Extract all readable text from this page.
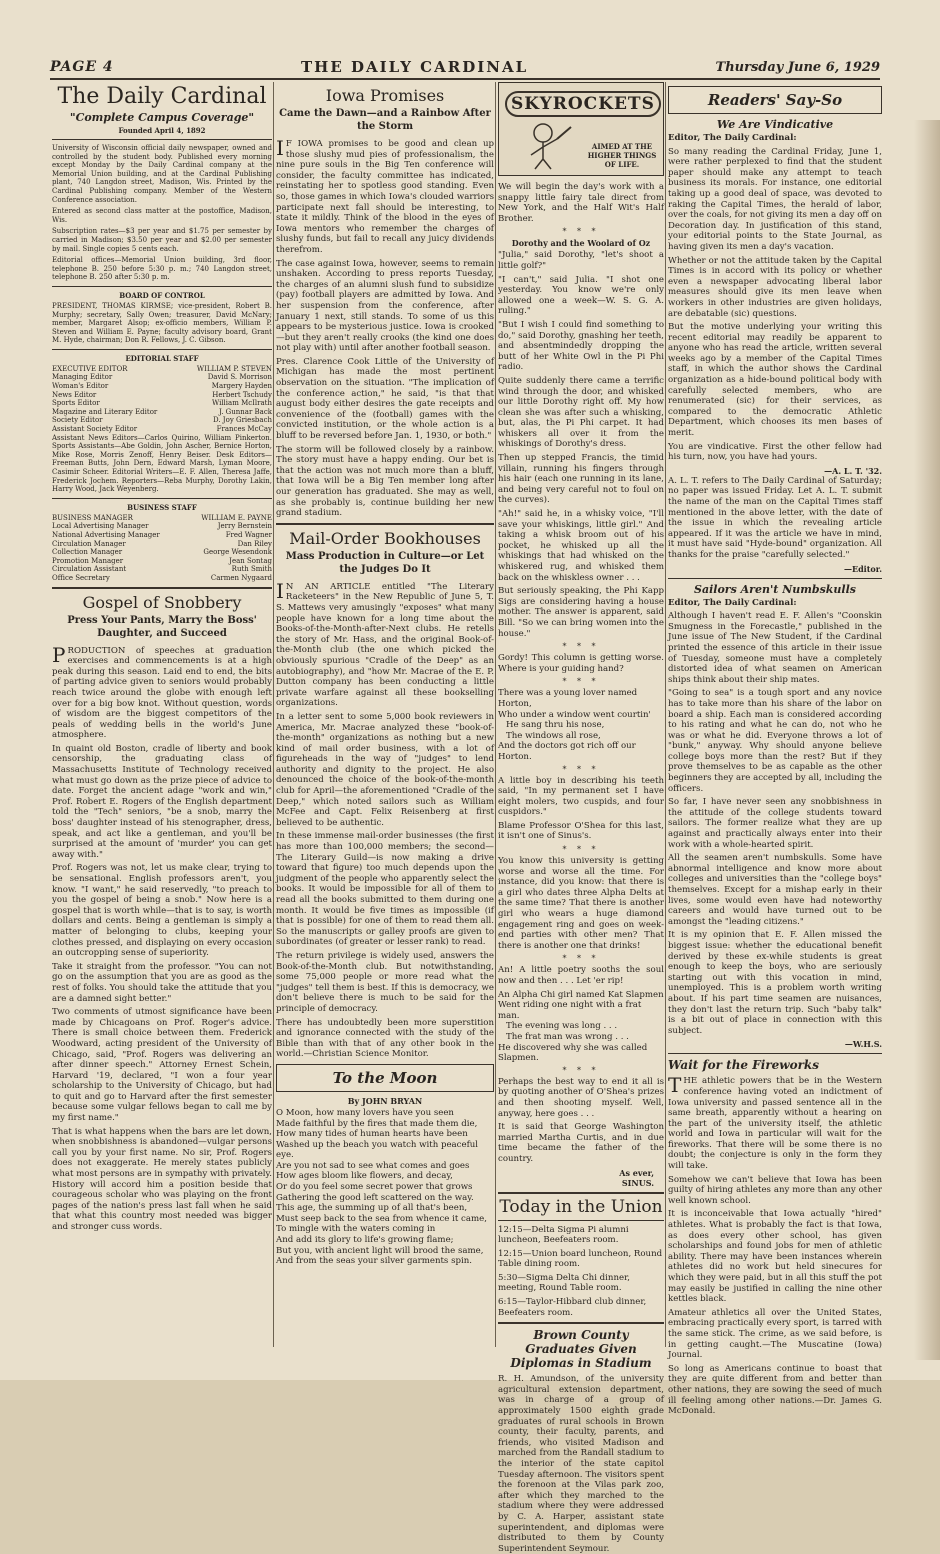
PAGE 4	THE DAILY CARDINAL	Thursday June 6, 1929
The Daily Cardinal
"Complete Campus Coverage"
Founded April 4, 1892

University of Wisconsin official daily newspaper, owned and controlled by the student body. Published every morning except Monday by the Daily Cardinal company at the Memorial Union building, and at the Cardinal Publishing plant, 740 Langdon street, Madison, Wis. Printed by the Cardinal Publishing company. Member of the Western Conference association.

Entered as second class matter at the postoffice, Madison, Wis.

Subscription rates—$3 per year and $1.75 per semester by carried in Madison; $3.50 per year and $2.00 per semester by mail. Single copies 5 cents each.

Editorial offices—Memorial Union building, 3rd floor, telephone B. 250 before 5:30 p. m.; 740 Langdon street, telephone B. 250 after 5:30 p. m.

BOARD OF CONTROL

PRESIDENT, THOMAS KIRMSE; vice-president, Robert B. Murphy; secretary, Sally Owen; treasurer, David McNary; member, Margaret Alsop; ex-officio members, William P. Steven and William E. Payne; faculty advisory board, Grant M. Hyde, chairman; Don R. Fellows, J. C. Gibson.

EDITORIAL STAFF
EXECUTIVE EDITOR	WILLIAM P. STEVEN
Managing Editor	David S. Morrison
Woman's Editor	Margery Hayden
News Editor	Herbert Tschudy
Sports Editor	William McIlrath
Magazine and Literary Editor	J. Gunnar Back
Society Editor	D. Joy Griesbach
Assistant Society Editor	Frances McCay

Assistant News Editors—Carlos Quirino, William Pinkerton. Sports Assistants—Abe Goldin, John Ascher, Bernice Horton, Mike Rose, Morris Zenoff, Henry Beiser. Desk Editors—Freeman Butts, John Dern, Edward Marsh, Lyman Moore, Casimir Scheer. Editorial Writers—E. F. Allen, Theresa Jaffe, Frederick Jochem. Reporters—Reba Murphy, Dorothy Lakin, Harry Wood, Jack Weyenberg.

BUSINESS STAFF
BUSINESS MANAGER	WILLIAM E. PAYNE
Local Advertising Manager	Jerry Bernstein
National Advertising Manager	Fred Wagner
Circulation Manager	Dan Riley
Collection Manager	George Wesendonk
Promotion Manager	Jean Sontag
Circulation Assistant	Ruth Smith
Office Secretary	Carmen Nygaard
Gospel of Snobbery
Press Your Pants, Marry the Boss' Daughter, and Succeed

PRODUCTION of speeches at graduation exercises and commencements is at a high peak during this season. Laid end to end, the bits of parting advice given to seniors would probably reach twice around the globe with enough left over for a big bow knot. Without question, words of wisdom are the biggest competitors of the peals of wedding bells in the world's June atmosphere.

In quaint old Boston, cradle of liberty and book censorship, the graduating class of Massachusetts Institute of Technology received what must go down as the prize piece of advice to date. Forget the ancient adage "work and win," Prof. Robert E. Rogers of the English department told the "Tech" seniors, "be a snob, marry the boss' daughter instead of his stenographer, dress, speak, and act like a gentleman, and you'll be surprised at the amount of 'murder' you can get away with."

Prof. Rogers was not, let us make clear, trying to be sensational. English professors aren't, you know. "I want," he said reservedly, "to preach to you the gospel of being a snob." Now here is a gospel that is worth while—that is to say, is worth dollars and cents. Being a gentleman is simply a matter of belonging to clubs, keeping your clothes pressed, and displaying on every occasion an outcropping sense of superiority.

Take it straight from the professor. "You can not go on the assumption that you are as good as the rest of folks. You should take the attitude that you are a damned sight better."

Two comments of utmost significance have been made by Chicagoans on Prof. Roger's advice. There is small choice between them. Frederick Woodward, acting president of the University of Chicago, said, "Prof. Rogers was delivering an after dinner speech." Attorney Ernest Schein, Harvard '19, declared, "I won a four year scholarship to the University of Chicago, but had to quit and go to Harvard after the first semester because some vulgar fellows began to call me by my first name."

That is what happens when the bars are let down, when snobbishness is abandoned—vulgar persons call you by your first name. No sir, Prof. Rogers does not exaggerate. He merely states publicly what most persons are in sympathy with privately. History will accord him a position beside that courageous scholar who was playing on the front pages of the nation's press last fall when he said that what this country most needed was bigger and stronger cuss words.

Iowa Promises
Came the Dawn—and a Rainbow After the Storm

IF IOWA promises to be good and clean up those slushy mud pies of professionalism, the nine pure souls in the Big Ten conference will consider, the faculty committee has indicated, reinstating her to spotless good standing. Even so, those games in which Iowa's clouded warriors participate next fall should be interesting, to state it mildly. Think of the blood in the eyes of Iowa mentors who remember the charges of slushy funds, but fail to recall any juicy dividends therefrom.

The case against Iowa, however, seems to remain unshaken. According to press reports Tuesday, the charges of an alumni slush fund to subsidize (pay) football players are admitted by Iowa. And her suspension from the conference, after January 1 next, still stands. To some of us this appears to be mysterious justice. Iowa is crooked—but they aren't really crooks (the kind one does not play with) until after another football season.

Pres. Clarence Cook Little of the University of Michigan has made the most pertinent observation on the situation. "The implication of the conference action," he said, "is that that august body either desires the gate receipts and convenience of the (football) games with the convicted institution, or the whole action is a bluff to be reversed before Jan. 1, 1930, or both."

The storm will be followed closely by a rainbow. The story must have a happy ending. Our bet is that the action was not much more than a bluff, that Iowa will be a Big Ten member long after our generation has graduated. She may as well, as she probably is, continue building her new grand stadium.

Mail-Order Bookhouses
Mass Production in Culture—or Let the Judges Do It

IN AN ARTICLE entitled "The Literary Racketeers" in the New Republic of June 5, T. S. Mattews very amusingly "exposes" what many people have known for a long time about the Books-of-the-Month-after-Next clubs. He retells the story of Mr. Hass, and the original Book-of-the-Month club (the one which picked the obviously spurious "Cradle of the Deep" as an autobiography), and "how Mr. Macrae of the E. P. Dutton company has been conducting a little private warfare against all these bookselling organizations.

In a letter sent to some 5,000 book reviewers in America, Mr. Macrae analyzed these "book-of-the-month" organizations as nothing but a new kind of mail order business, with a lot of figureheads in the way of "judges" to lend authority and dignity to the project. He also denounced the choice of the book-of-the-month club for April—the aforementioned "Cradle of the Deep," which noted sailors such as William McFee and Capt. Felix Reisenberg at first believed to be authentic.

In these immense mail-order businesses (the first has more than 100,000 members; the second—The Literary Guild—is now making a drive toward that figure) too much depends upon the judgment of the people who apparently select the books. It would be impossible for all of them to read all the books submitted to them during one month. It would be five times as impossible (if that is possible) for one of them to read them all. So the manuscripts or galley proofs are given to subordinates (of greater or lesser rank) to read.

The return privilege is widely used, answers the Book-of-the-Month club. But notwithstanding, some 75,000 people or more read what the "judges" tell them is best. If this is democracy, we don't believe there is much to be said for the principle of democracy.

There has undoubtedly been more superstition and ignorance connected with the study of the Bible than with that of any other book in the world.—Christian Science Monitor.

To the Moon
By JOHN BRYAN

O Moon, how many lovers have you seen

Made faithful by the fires that made them die,

How many tides of human hearts have been

Washed up the beach you watch with peaceful eye.

Are you not sad to see what comes and goes

How ages bloom like flowers, and decay,

Or do you feel some secret power that grows

Gathering the good left scattered on the way.

This age, the summing up of all that's been,

Must seep back to the sea from whence it came,

To mingle with the waters coming in

And add its glory to life's growing flame;

But you, with ancient light will brood the same,

And from the seas your silver garments spin.

SKYROCKETS
AIMED AT THE HIGHER THINGS OF LIFE.

We will begin the day's work with a snappy little fairy tale direct from New York, and the Half Wit's Half Brother.

* * *
Dorothy and the Woolard of Oz

"Julia," said Dorothy, "let's shoot a little golf?"

"I can't," said Julia. "I shot one yesterday. You know we're only allowed one a week—W. S. G. A. ruling."

"But I wish I could find something to do," said Dorothy, gnashing her teeth, and absentmindedly dropping the butt of her White Owl in the Pi Phi radio.

Quite suddenly there came a terrific wind through the door, and whisked our little Dorothy right off. My how clean she was after such a whisking, but, alas, the Pi Phi carpet. It had whiskers all over it from the whiskings of Dorothy's dress.

Then up stepped Francis, the timid villain, running his fingers through his hair (each one running in its lane, and being very careful not to foul on the curves).

"Ah!" said he, in a whisky voice, "I'll save your whiskings, little girl." And taking a whisk broom out of his pocket, he whisked up all the whiskings that had whisked on the whiskered rug, and whisked them back on the whiskless owner . . .

But seriously speaking, the Phi Kapp Sigs are considering having a house mother. The answer is apparent, said Bill. "So we can bring women into the house."

* * *

Gordy! This column is getting worse. Where is your guiding hand?

* * *

There was a young lover named Horton,

Who under a window went courtin'

He sang thru his nose,

The windows all rose,

And the doctors got rich off our Horton.

* * *

A little boy in describing his teeth said, "In my permanent set I have eight molers, two cuspids, and four cuspidors."

Blame Professor O'Shea for this last, it isn't one of Sinus's.

* * *

You know this university is getting worse and worse all the time. For instance, did you know: that there is a girl who dates three Alpha Delts at the same time? That there is another girl who wears a huge diamond engagement ring and goes on week-end parties with other men? That there is another one that drinks!

* * *

An! A little poetry sooths the soul now and then . . . Let 'er rip!

An Alpha Chi girl named Kat Slapmen

Went riding one night with a frat man.

The evening was long . . .

The frat man was wrong . . .

He discovered why she was called Slapmen.

* * *

Perhaps the best way to end it all is by quoting another of O'Shea's prizes and then shooting myself. Well, anyway, here goes . . .

It is said that George Washington married Martha Curtis, and in due time became the father of the country.

As ever,
SINUS.
Today in the Union

12:15—Delta Sigma Pi alumni luncheon, Beefeaters room.

12:15—Union board luncheon, Round Table dining room.

5:30—Sigma Delta Chi dinner, meeting, Round Table room.

6:15—Taylor-Hibbard club dinner, Beefeaters room.

Brown County Graduates Given Diplomas in Stadium

R. H. Amundson, of the university agricultural extension department, was in charge of a group of approximately 1500 eighth grade graduates of rural schools in Brown county, their faculty, parents, and friends, who visited Madison and marched from the Randall stadium to the interior of the state capitol Tuesday afternoon. The visitors spent the forenoon at the Vilas park zoo, after which they marched to the stadium where they were addressed by C. A. Harper, assistant state superintendent, and diplomas were distributed to them by County Superintendent Seymour.

Readers' Say-So
We Are Vindicative

Editor, The Daily Cardinal:

So many reading the Cardinal Friday, June 1, were rather perplexed to find that the student paper should make any attempt to teach business its morals. For instance, one editorial taking up a good deal of space, was devoted to raking the Capital Times, the herald of labor, over the coals, for not giving its men a day off on Decoration day. In justification of this stand, your editorial points to the State Journal, as having given its men a day's vacation.

Whether or not the attitude taken by the Capital Times is in accord with its policy or whether even a newspaper advocating liberal labor measures should give its men leave when workers in other industries are given holidays, are debatable (sic) questions.

But the motive underlying your writing this recent editorial may readily be apparent to anyone who has read the article, written several weeks ago by a member of the Capital Times staff, in which the author shows the Cardinal organization as a hide-bound political body with carefully selected members, who are renumerated (sic) for their services, as compared to the democratic Athletic Department, which chooses its men bases of merit.

You are vindicative. First the other fellow had his turn, now, you have had yours.

—A. L. T. '32.

A. L. T. refers to The Daily Cardinal of Saturday; no paper was issued Friday. Let A. L. T. submit the name of the man on the Capital Times staff mentioned in the above letter, with the date of the issue in which the revealing article appeared. If it was the article we have in mind, it must have said "Hyde-bound" organization. All thanks for the praise "carefully selected."

—Editor.
Sailors Aren't Numbskulls

Editor, The Daily Cardinal:

Although I haven't read E. F. Allen's "Coonskin Smugness in the Forecastle," published in the June issue of The New Student, if the Cardinal printed the essence of this article in their issue of Tuesday, someone must have a completely distorted idea of what seamen on American ships think about their ship mates.

"Going to sea" is a tough sport and any novice has to take more than his share of the labor on board a ship. Each man is considered according to his rating and what he can do, not who he was or what he did. Everyone throws a lot of "bunk," anyway. Why should anyone believe college boys more than the rest? But if they prove themselves to be as capable as the other beginners they are accepted by all, including the officers.

So far, I have never seen any snobbishness in the attitude of the college students toward sailors. The former realize what they are up against and practically always enter into their work with a whole-hearted spirit.

All the seamen aren't numbskulls. Some have abnormal intelligence and know more about colleges and universities than the "college boys" themselves. Except for a mishap early in their lives, some would even have had noteworthy careers and would have turned out to be amongst the "leading citizens."

It is my opinion that E. F. Allen missed the biggest issue: whether the educational benefit derived by these ex-while students is great enough to keep the boys, who are seriously starting out with this vocation in mind, unemployed. This is a problem worth writing about. If his part time seamen are nuisances, they don't last the return trip. Such "baby talk" is a bit out of place in connection with this subject.

—W.H.S.
Wait for the Fireworks

THE athletic powers that be in the Western conference having voted an indictment of Iowa university and passed sentence all in the same breath, apparently without a hearing on the part of the university itself, the athletic world and Iowa in particular will wait for the fireworks. That there will be some there is no doubt; the conjecture is only in the form they will take.

Somehow we can't believe that Iowa has been guilty of hiring athletes any more than any other well known school.

It is inconceivable that Iowa actually "hired" athletes. What is probably the fact is that Iowa, as does every other school, has given scholarships and found jobs for men of athletic ability. There may have been instances wherein athletes did no work but held sinecures for which they were paid, but in all this stuff the pot may easily be justified in calling the nine other kettles black.

Amateur athletics all over the United States, embracing practically every sport, is tarred with the same stick. The crime, as we said before, is in getting caught.—The Muscatine (Iowa) Journal.

So long as Americans continue to boast that they are quite different from and better than other nations, they are sowing the seed of much ill feeling among other nations.—Dr. James G. McDonald.
